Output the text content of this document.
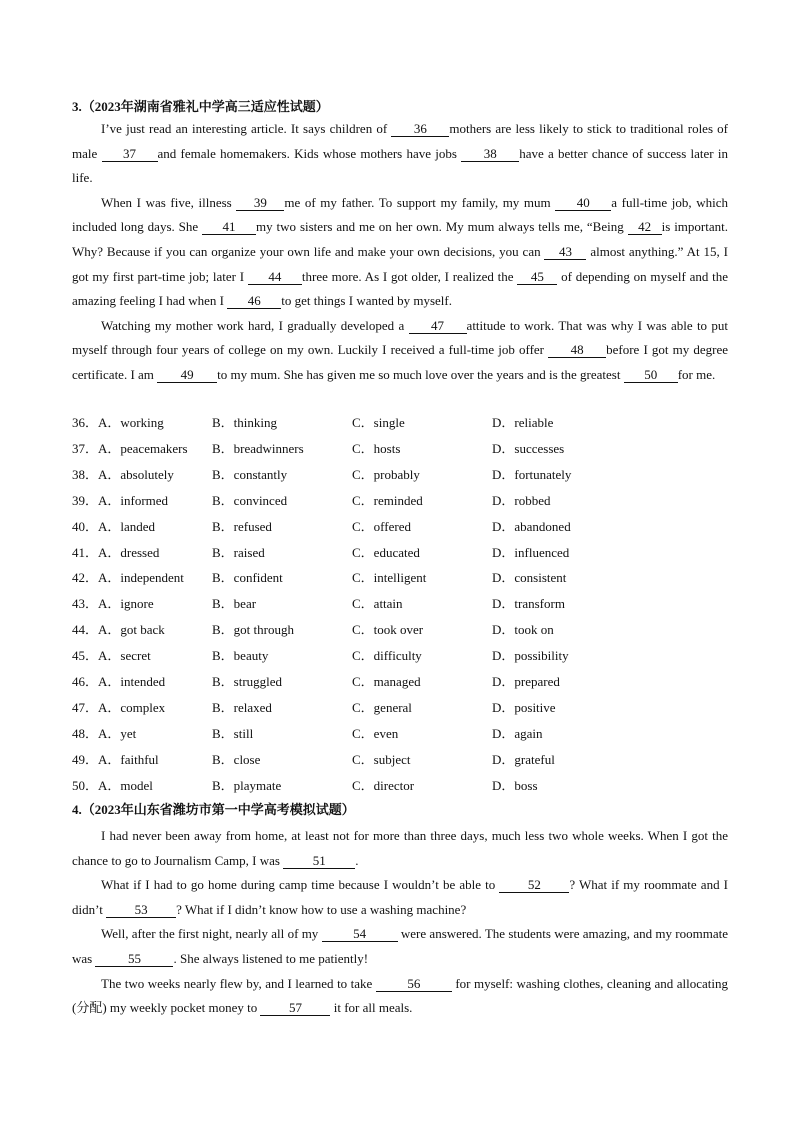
3.（2023年湖南省雅礼中学高三适应性试题）

I’ve just read an interesting article. It says children of 36 mothers are less likely to stick to traditional roles of male 37 and female homemakers. Kids whose mothers have jobs 38 have a better chance of success later in life.

When I was five, illness 39 me of my father. To support my family, my mum 40 a full-time job, which included long days. She 41 my two sisters and me on her own. My mum always tells me, “Being 42 is important. Why? Because if you can organize your own life and make your own decisions, you can 43 almost anything.” At 15, I got my first part-time job; later I 44 three more. As I got older, I realized the 45 of depending on myself and the amazing feeling I had when I 46 to get things I wanted by myself.

Watching my mother work hard, I gradually developed a 47 attitude to work. That was why I was able to put myself through four years of college on my own. Luckily I received a full-time job offer 48 before I got my degree certificate. I am 49 to my mum. She has given me so much love over the years and is the greatest 50 for me.

36．A．working	B．thinking	C．single	D．reliable
37．A．peacemakers B．breadwinners	C．hosts	D．successes
38．A．absolutely	B．constantly	C．probably	D．fortunately
39．A．informed	B．convinced	C．reminded	D．robbed
40．A．landed	B．refused	C．offered	D．abandoned
41．A．dressed	B．raised	C．educated	D．influenced
42．A．independent B．confident	C．intelligent	D．consistent
43．A．ignore	B．bear	C．attain	D．transform
44．A．got back	B．got through	C．took over	D．took on
45．A．secret	B．beauty	C．difficulty	D．possibility
46．A．intended	B．struggled	C．managed	D．prepared
47．A．complex	B．relaxed	C．general	D．positive
48．A．yet	B．still	C．even	D．again
49．A．faithful	B．close	C．subject	D．grateful
50．A．model	B．playmate	C．director	D．boss
4.（2023年山东省潍坊市第一中学高考模拟试题）

I had never been away from home, at least not for more than three days, much less two whole weeks. When I got the chance to go to Journalism Camp, I was 51 .

What if I had to go home during camp time because I wouldn’t be able to 52 ? What if my roommate and I didn’t 53 ? What if I didn’t know how to use a washing machine?

Well, after the first night, nearly all of my 54 were answered. The students were amazing, and my roommate was	55	. She always listened to me patiently!

The two weeks nearly flew by, and I learned to take 56 for myself: washing clothes, cleaning and allocating (分配) my weekly pocket money to 57 it for all meals.
